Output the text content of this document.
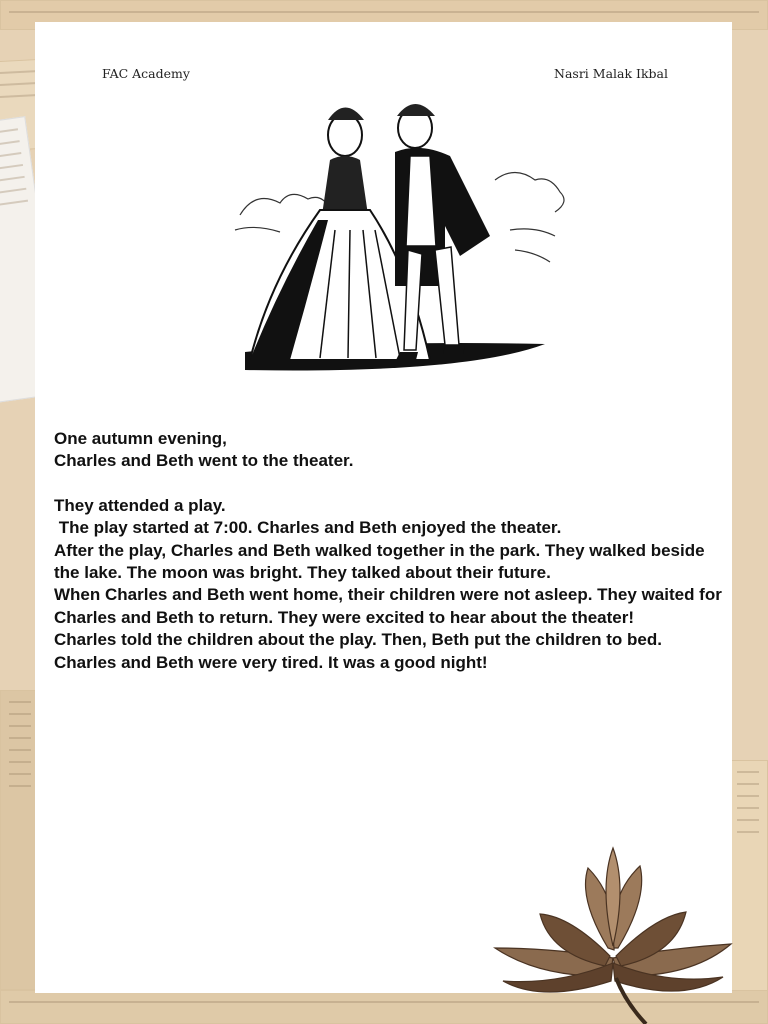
FAC Academy	Nasri Malak Ikbal

One autumn evening,
Charles and Beth went to the theater.

They attended a play.
The play started at 7:00. Charles and Beth enjoyed the theater.
After the play, Charles and Beth walked together in the park. They walked beside the lake. The moon was bright. They talked about their future.
When Charles and Beth went home, their children were not asleep. They waited for Charles and Beth to return. They were excited to hear about the theater!
Charles told the children about the play. Then, Beth put the children to bed. Charles and Beth were very tired. It was a good night!
